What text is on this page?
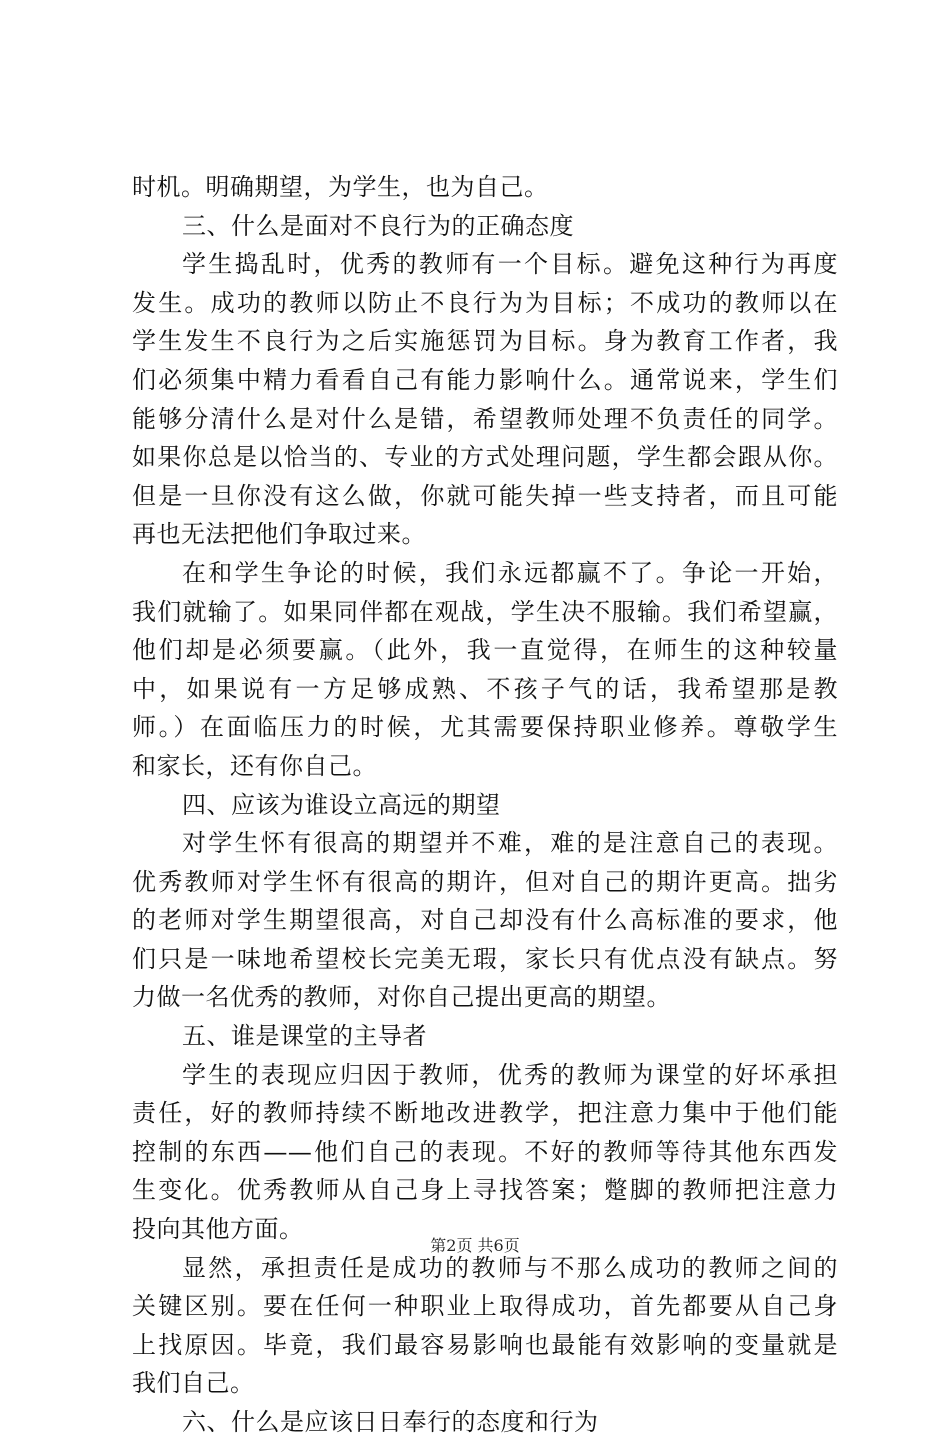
时机。明确期望，为学生，也为自己。
三、什么是面对不良行为的正确态度
学生捣乱时，优秀的教师有一个目标。避免这种行为再度
发生。成功的教师以防止不良行为为目标；不成功的教师以在
学生发生不良行为之后实施惩罚为目标。身为教育工作者，我
们必须集中精力看看自己有能力影响什么。通常说来，学生们
能够分清什么是对什么是错，希望教师处理不负责任的同学。
如果你总是以恰当的、专业的方式处理问题，学生都会跟从你。
但是一旦你没有这么做，你就可能失掉一些支持者，而且可能
再也无法把他们争取过来。
在和学生争论的时候，我们永远都赢不了。争论一开始，
我们就输了。如果同伴都在观战，学生决不服输。我们希望赢，
他们却是必须要赢。（此外，我一直觉得，在师生的这种较量
中，如果说有一方足够成熟、不孩子气的话，我希望那是教
师。）在面临压力的时候，尤其需要保持职业修养。尊敬学生
和家长，还有你自己。
四、应该为谁设立高远的期望
对学生怀有很高的期望并不难，难的是注意自己的表现。
优秀教师对学生怀有很高的期许，但对自己的期许更高。拙劣
的老师对学生期望很高，对自己却没有什么高标准的要求，他
们只是一味地希望校长完美无瑕，家长只有优点没有缺点。努
力做一名优秀的教师，对你自己提出更高的期望。
五、谁是课堂的主导者
学生的表现应归因于教师，优秀的教师为课堂的好坏承担
责任，好的教师持续不断地改进教学，把注意力集中于他们能
控制的东西——他们自己的表现。不好的教师等待其他东西发
生变化。优秀教师从自己身上寻找答案；蹩脚的教师把注意力
投向其他方面。
显然，承担责任是成功的教师与不那么成功的教师之间的
关键区别。要在任何一种职业上取得成功，首先都要从自己身
上找原因。毕竟，我们最容易影响也最能有效影响的变量就是
我们自己。
六、什么是应该日日奉行的态度和行为
第2页 共6页
